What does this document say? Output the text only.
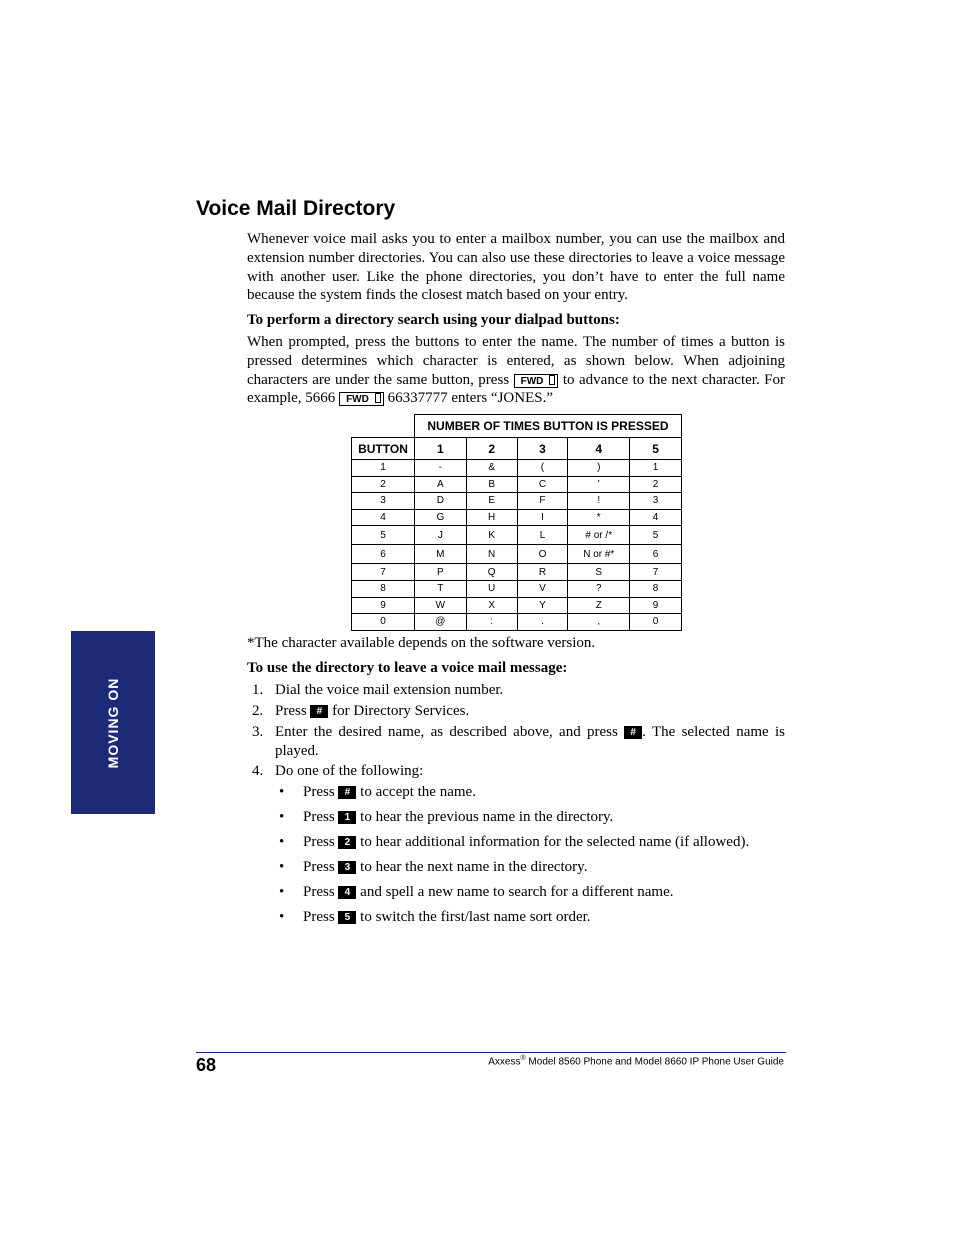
Voice Mail Directory

Whenever voice mail asks you to enter a mailbox number, you can use the mailbox and extension number directories. You can also use these directories to leave a voice message with another user. Like the phone directories, you don’t have to enter the full name because the system finds the closest match based on your entry.

To perform a directory search using your dialpad buttons:

When prompted, press the buttons to enter the name. The number of times a button is pressed determines which character is entered, as shown below. When adjoining characters are under the same button, press FWD to advance to the next character. For example, 5666 FWD 66337777 enters “JONES.”

	NUMBER OF TIMES BUTTON IS PRESSED				
BUTTON	1	2	3	4	5
1	-	&	(	)	1
2	A	B	C	'	2
3	D	E	F	!	3
4	G	H	I	*	4
5	J	K	L	# or /*	5
6	M	N	O	N or #*	6
7	P	Q	R	S	7
8	T	U	V	?	8
9	W	X	Y	Z	9
0	@	:	.	,	0

*The character available depends on the software version.

To use the directory to leave a voice mail message:

1. Dial the voice mail extension number.
2. Press # for Directory Services.
3. Enter the desired name, as described above, and press # . The selected name is played.
4. Do one of the following:
• Press # to accept the name.
• Press 1 to hear the previous name in the directory.
• Press 2 to hear additional information for the selected name (if allowed).
• Press 3 to hear the next name in the directory.
• Press 4 and spell a new name to search for a different name.
• Press 5 to switch the first/last name sort order.
MOVING ON
68	Axxess® Model 8560 Phone and Model 8660 IP Phone User Guide
